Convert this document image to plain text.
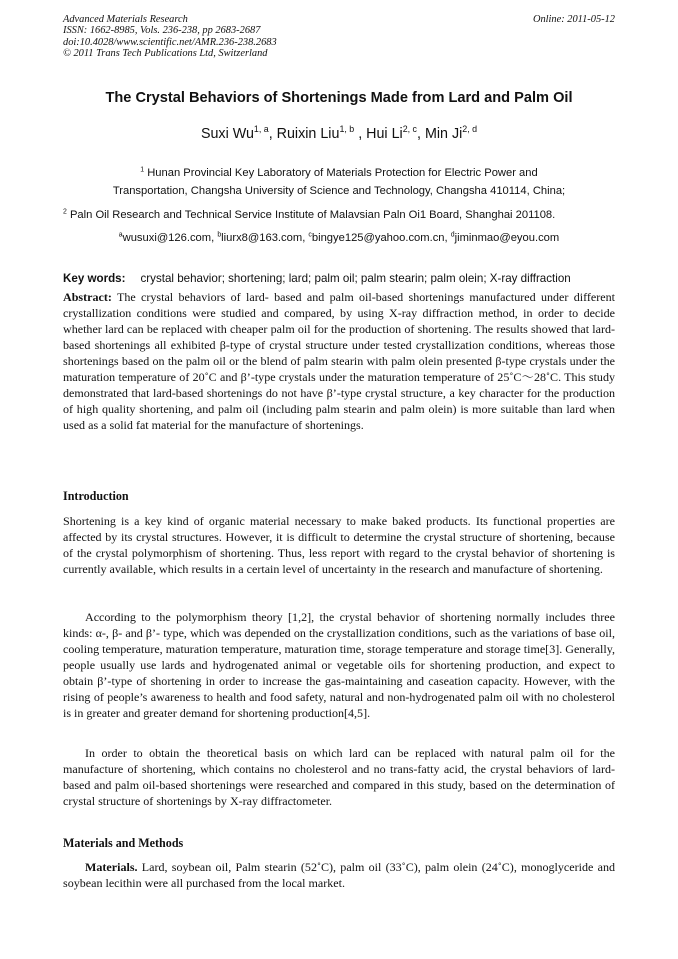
Advanced Materials Research
ISSN: 1662-8985, Vols. 236-238, pp 2683-2687
doi:10.4028/www.scientific.net/AMR.236-238.2683
© 2011 Trans Tech Publications Ltd, Switzerland
Online: 2011-05-12
The Crystal Behaviors of Shortenings Made from Lard and Palm Oil
Suxi Wu$^{1, a}$, Ruixin Liu$^{1, b}$ , Hui Li$^{2, c}$, Min Ji$^{2, d}$
$^1$ Hunan Provincial Key Laboratory of Materials Protection for Electric Power and
Transportation, Changsha University of Science and Technology, Changsha 410114, China;
$^2$ Paln Oil Research and Technical Service Institute of Malavsian Paln Oi1 Board, Shanghai 201108.
$^a$wusuxi@126.com, $^b$liurx8@163.com, $^c$bingye125@yahoo.com.cn, $^d$jiminmao@eyou.com
Key words: crystal behavior; shortening; lard; palm oil; palm stearin; palm olein; X-ray diffraction
Abstract: The crystal behaviors of lard- based and palm oil-based shortenings manufactured under different crystallization conditions were studied and compared, by using X-ray diffraction method, in order to decide whether lard can be replaced with cheaper palm oil for the production of shortening. The results showed that lard-based shortenings all exhibited β-type of crystal structure under tested crystallization conditions, whereas those shortenings based on the palm oil or the blend of palm stearin with palm olein presented β-type crystals under the maturation temperature of 20˚C and β’-type crystals under the maturation temperature of 25˚C～28˚C. This study demonstrated that lard-based shortenings do not have β’-type crystal structure, a key character for the production of high quality shortening, and palm oil (including palm stearin and palm olein) is more suitable than lard when used as a solid fat material for the manufacture of shortenings.
Introduction
Shortening is a key kind of organic material necessary to make baked products. Its functional properties are affected by its crystal structures. However, it is difficult to determine the crystal structure of shortening, because of the crystal polymorphism of shortening. Thus, less report with regard to the crystal behavior of shortening is currently available, which results in a certain level of uncertainty in the research and manufacture of shortening.
According to the polymorphism theory [1,2], the crystal behavior of shortening normally includes three kinds: α-, β- and β’- type, which was depended on the crystallization conditions, such as the variations of base oil, cooling temperature, maturation temperature, maturation time, storage temperature and storage time[3]. Generally, people usually use lards and hydrogenated animal or vegetable oils for shortening production, and expect to obtain β’-type of shortening in order to increase the gas-maintaining and caseation capacity. However, with the rising of people’s awareness to health and food safety, natural and non-hydrogenated palm oil with no cholesterol is in greater and greater demand for shortening production[4,5].
In order to obtain the theoretical basis on which lard can be replaced with natural palm oil for the manufacture of shortening, which contains no cholesterol and no trans-fatty acid, the crystal behaviors of lard- based and palm oil-based shortenings were researched and compared in this study, based on the determination of crystal structure of shortenings by X-ray diffractometer.
Materials and Methods
Materials. Lard, soybean oil, Palm stearin (52˚C), palm oil (33˚C), palm olein (24˚C), monoglyceride and soybean lecithin were all purchased from the local market.
